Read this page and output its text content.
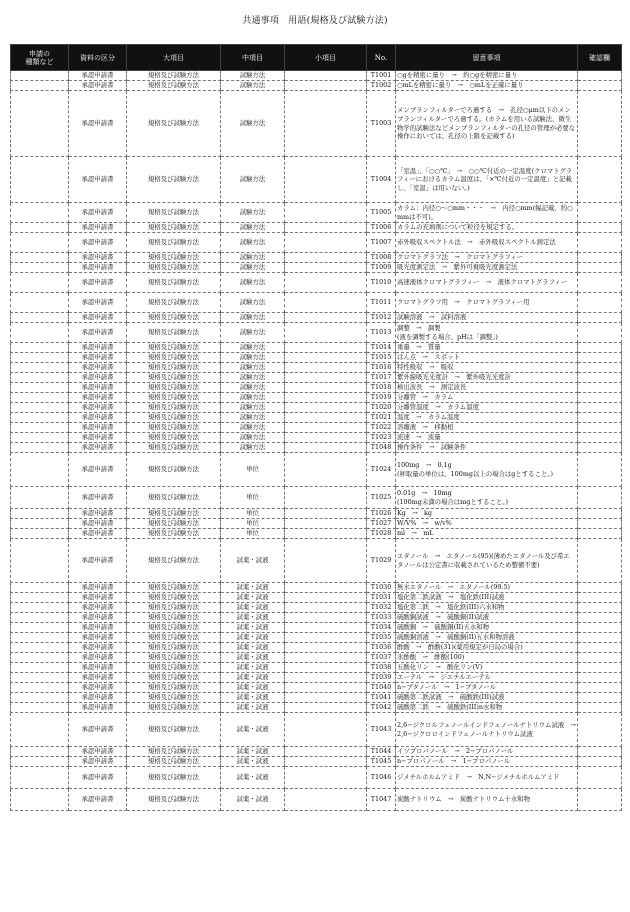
共通事項　用語(規格及び試験方法)
申請の
種類など	資料の区分	大項目	中項目	小項目	No.	留意事項	確認欄
	承認申請書	規格及び試験方法	試験方法		T1001	○gを精密に量り　→　約○gを精密に量り	
	承認申請書	規格及び試験方法	試験方法		T1002	○mLを精密に量り　→　○mLを正確に量り	
	承認申請書	規格及び試験方法	試験方法		T1003	メンブランフィルターでろ過する　→　孔径○μm以下のメンブランフィルターでろ過する。(カラムを用いる試験法、微生物学的試験法などメンブランフィルターの孔径の管理が必要な操作においては、孔径の上限を記載する)	
	承認申請書	規格及び試験方法	試験方法		T1004	「室温」、「○○℃」　→　○○℃付近の一定温度(クロマトグラフィーにおけるカラム温度は、「×℃付近の一定温度」と記載し、「室温」は用いない。)	
	承認申請書	規格及び試験方法	試験方法		T1005	カラム：内径○～○mm・・・　→　内径○mm(幅記載、約○mmは不可)。	
	承認申請書	規格及び試験方法	試験方法		T1006	カラムの充填剤について粒径を規定する。	
	承認申請書	規格及び試験方法	試験方法		T1007	赤外吸収スペクトル法　→　赤外吸収スペクトル測定法	
	承認申請書	規格及び試験方法	試験方法		T1008	クロマトグラフ法　→　クロマトグラフィー	
	承認申請書	規格及び試験方法	試験方法		T1009	吸光度測定法　→　紫外可視吸光度測定法	
	承認申請書	規格及び試験方法	試験方法		T1010	高速液体クロマトグラフィー　→　液体クロマトグラフィー	
	承認申請書	規格及び試験方法	試験方法		T1011	クロマトグラフ用　→　クロマトグラフィー用	
	承認申請書	規格及び試験方法	試験方法		T1012	試験溶液　→　試料溶液	
	承認申請書	規格及び試験方法	試験方法		T1013	調整　→　調製
(液を調製する場合、pHは「調整」)	
	承認申請書	規格及び試験方法	試験方法		T1014	重量　→　質量	
	承認申請書	規格及び試験方法	試験方法		T1015	はん点　→　スポット	
	承認申請書	規格及び試験方法	試験方法		T1016	特性吸収　→　吸収	
	承認申請書	規格及び試験方法	試験方法		T1017	紫外線吸光光度計　→　紫外吸光光度計	
	承認申請書	規格及び試験方法	試験方法		T1018	検出波長　→　測定波長	
	承認申請書	規格及び試験方法	試験方法		T1019	分離管　→　カラム	
	承認申請書	規格及び試験方法	試験方法		T1020	分離管温度　→　カラム温度	
	承認申請書	規格及び試験方法	試験方法		T1021	温度　→　カラム温度	
	承認申請書	規格及び試験方法	試験方法		T1022	溶離液　→　移動相	
	承認申請書	規格及び試験方法	試験方法		T1023	流速　→　流量	
	承認申請書	規格及び試験方法	試験方法		T1048	操作条件　→　試験条件	
	承認申請書	規格及び試験方法	単位		T1024	100mg　→　0.1g
(秤取量の単位は、100mg以上の場合はgとすること。)	
	承認申請書	規格及び試験方法	単位		T1025	0.01g　→　10mg
(100mg未満の場合はmgとすること。)	
	承認申請書	規格及び試験方法	単位		T1026	Kg　→　kg	
	承認申請書	規格及び試験方法	単位		T1027	W/V%　→　w/v%	
	承認申請書	規格及び試験方法	単位		T1028	ml　→　mL	
	承認申請書	規格及び試験方法	試薬・試液		T1029	エタノール　→　エタノール(95)(薄めたエタノール及び希エタノールは公定書に収載されているため整備不要)	
	承認申請書	規格及び試験方法	試薬・試液		T1030	無水エタノール　→　エタノール(99.5)	
	承認申請書	規格及び試験方法	試薬・試液		T1031	塩化第二鉄試液　→　塩化鉄(III)試液	
	承認申請書	規格及び試験方法	試薬・試液		T1032	塩化第二鉄　→　塩化鉄(III)六水和物	
	承認申請書	規格及び試験方法	試薬・試液		T1033	硫酸銅試液　→　硫酸銅(II)試液	
	承認申請書	規格及び試験方法	試薬・試液		T1034	硫酸銅　→　硫酸銅(II)五水和物	
	承認申請書	規格及び試験方法	試薬・試液		T1035	硫酸銅溶液　→　硫酸銅(II)五水和物溶液	
	承認申請書	規格及び試験方法	試薬・試液		T1036	酢酸　→　酢酸(31)(薬用規定が日局の場合)	
	承認申請書	規格及び試験方法	試薬・試液		T1037	氷酢酸　→　酢酸(100)	
	承認申請書	規格及び試験方法	試薬・試液		T1038	五酸化リン　→　酸化リン(V)	
	承認申請書	規格及び試験方法	試薬・試液		T1039	エーテル　→　ジエチルエーテル	
	承認申請書	規格及び試験方法	試薬・試液		T1040	n−ブタノール　→　1−ブタノール	
	承認申請書	規格及び試験方法	試薬・試液		T1041	硫酸第二鉄試液　→　硫酸鉄(III)試液	
	承認申請書	規格及び試験方法	試薬・試液		T1042	硫酸第二鉄　→　硫酸鉄(III)n水和物	
	承認申請書	規格及び試験方法	試薬・試液		T1043	2,6−ジクロルフェノールインドフェノールナトリウム試液　→　2,6−ジクロロインドフェノールナトリウム試液	
	承認申請書	規格及び試験方法	試薬・試液		T1044	イソプロパノール　→　2−プロパノール	
	承認申請書	規格及び試験方法	試薬・試液		T1045	n−プロパノール　→　1−プロパノール	
	承認申請書	規格及び試験方法	試薬・試液		T1046	ジメチルホルムアミド　→　N,N−ジメチルホルムアミド	
	承認申請書	規格及び試験方法	試薬・試液		T1047	炭酸ナトリウム　→　炭酸ナトリウム十水和物	
